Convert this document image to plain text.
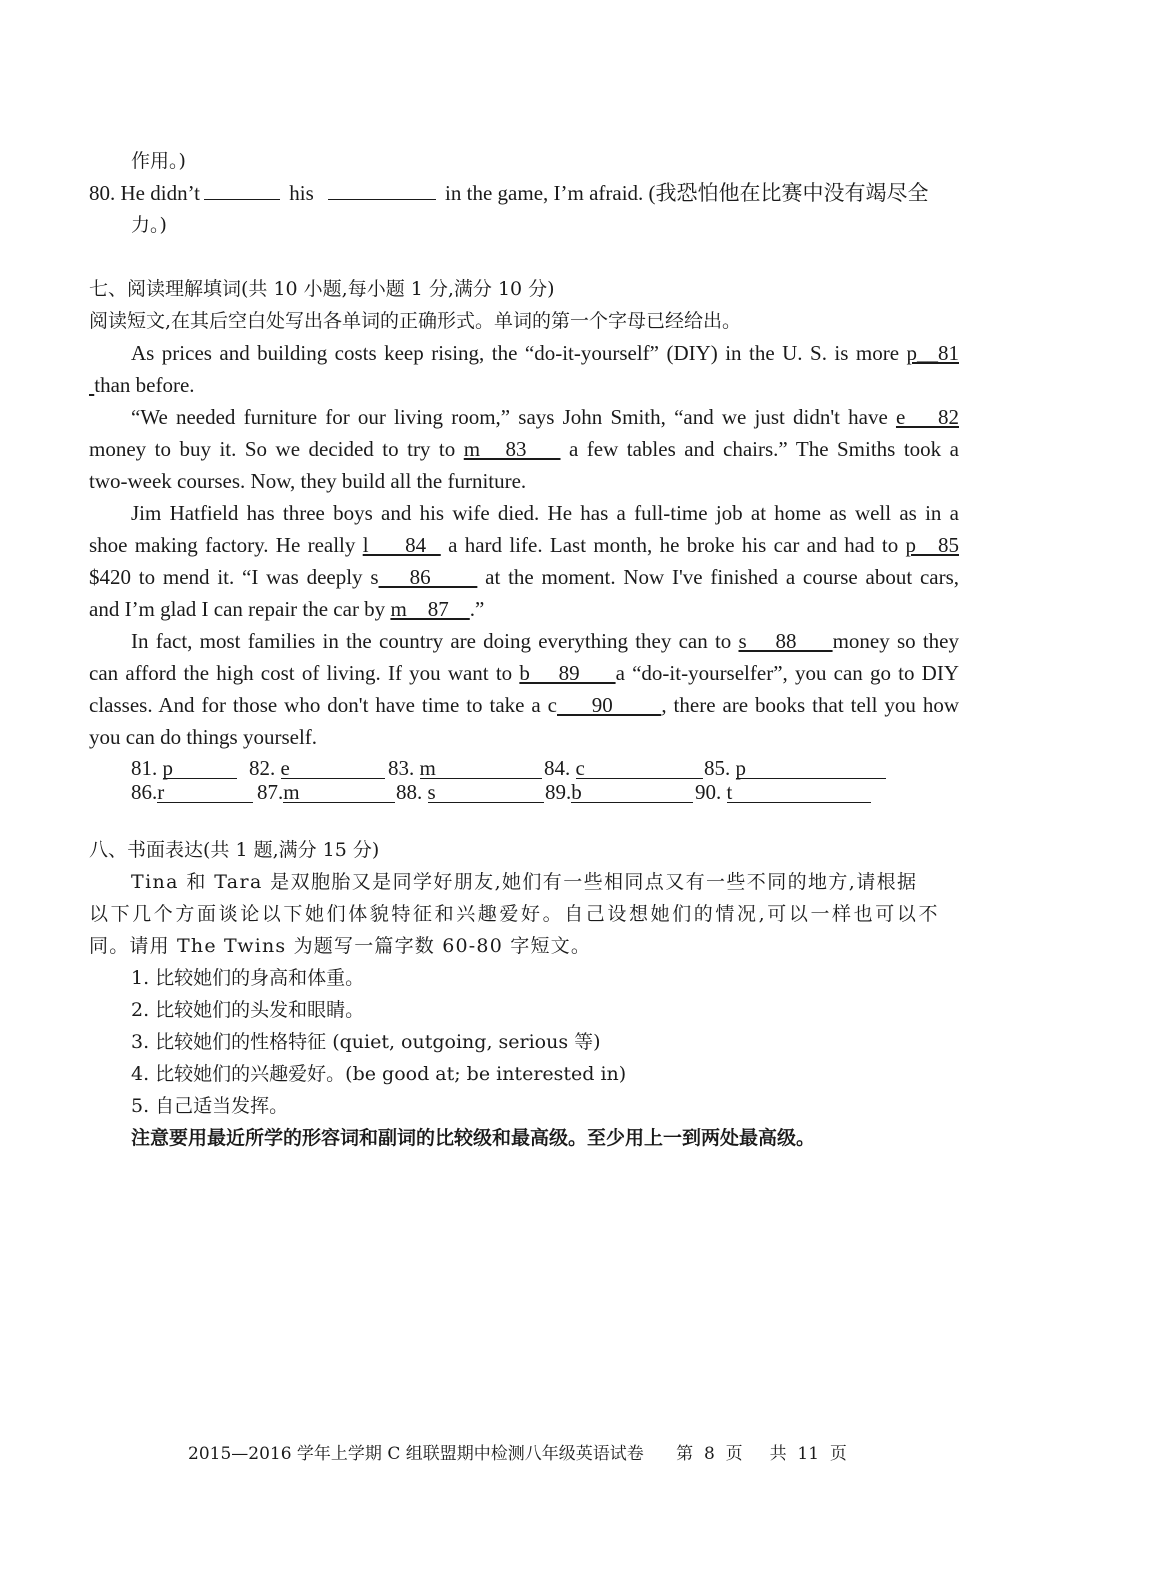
作用。)
80. He didn’t	his	in the game, I’m afraid. (我恐怕他在比赛中没有竭尽全
力。)
七、阅读理解填词(共 10 小题,每小题 1 分,满分 10 分)
阅读短文,在其后空白处写出各单词的正确形式。单词的第一个字母已经给出。
As prices and building costs keep rising, the “do-it-yourself” (DIY) in the U. S. is more p__81
than before.
“We needed furniture for our living room,” says John Smith, “and we just didn't have e    82
money to buy it. So we decided to try to m   83     a few tables and chairs.” The Smiths took a
two-week courses. Now, they build all the furniture.
Jim Hatfield has three boys and his wife died. He has a full-time job at home as well as in a
shoe making factory. He really l     84   a hard life. Last month, he broke his car and had to p   85
$420 to mend it. “I was deeply s    86       at the moment. Now I've finished a course about cars,
and I’m glad I can repair the car by m    87    .”
In fact, most families in the country are doing everything they can to s    88     money so they
can afford the high cost of living. If you want to b    89     a “do-it-yourselfer”, you can go to DIY
classes. And for those who don't have time to take a c     90       , there are books that tell you how
you can do things yourself.
81. p	82. e	83. m	84. c	85. p
86.r	87.m	88. s	89.b	90. t
八、书面表达(共 1 题,满分 15 分)
Tina 和 Tara 是双胞胎又是同学好朋友,她们有一些相同点又有一些不同的地方,请根据
以下几个方面谈论以下她们体貌特征和兴趣爱好。自己设想她们的情况,可以一样也可以不
同。请用 The Twins 为题写一篇字数 60-80 字短文。
1. 比较她们的身高和体重。
2. 比较她们的头发和眼睛。
3. 比较她们的性格特征 (quiet, outgoing, serious 等)
4. 比较她们的兴趣爱好。(be good at; be interested in)
5. 自己适当发挥。
注意要用最近所学的形容词和副词的比较级和最高级。至少用上一到两处最高级。
2015—2016 学年上学期 C 组联盟期中检测八年级英语试卷      第  8  页     共  11  页
